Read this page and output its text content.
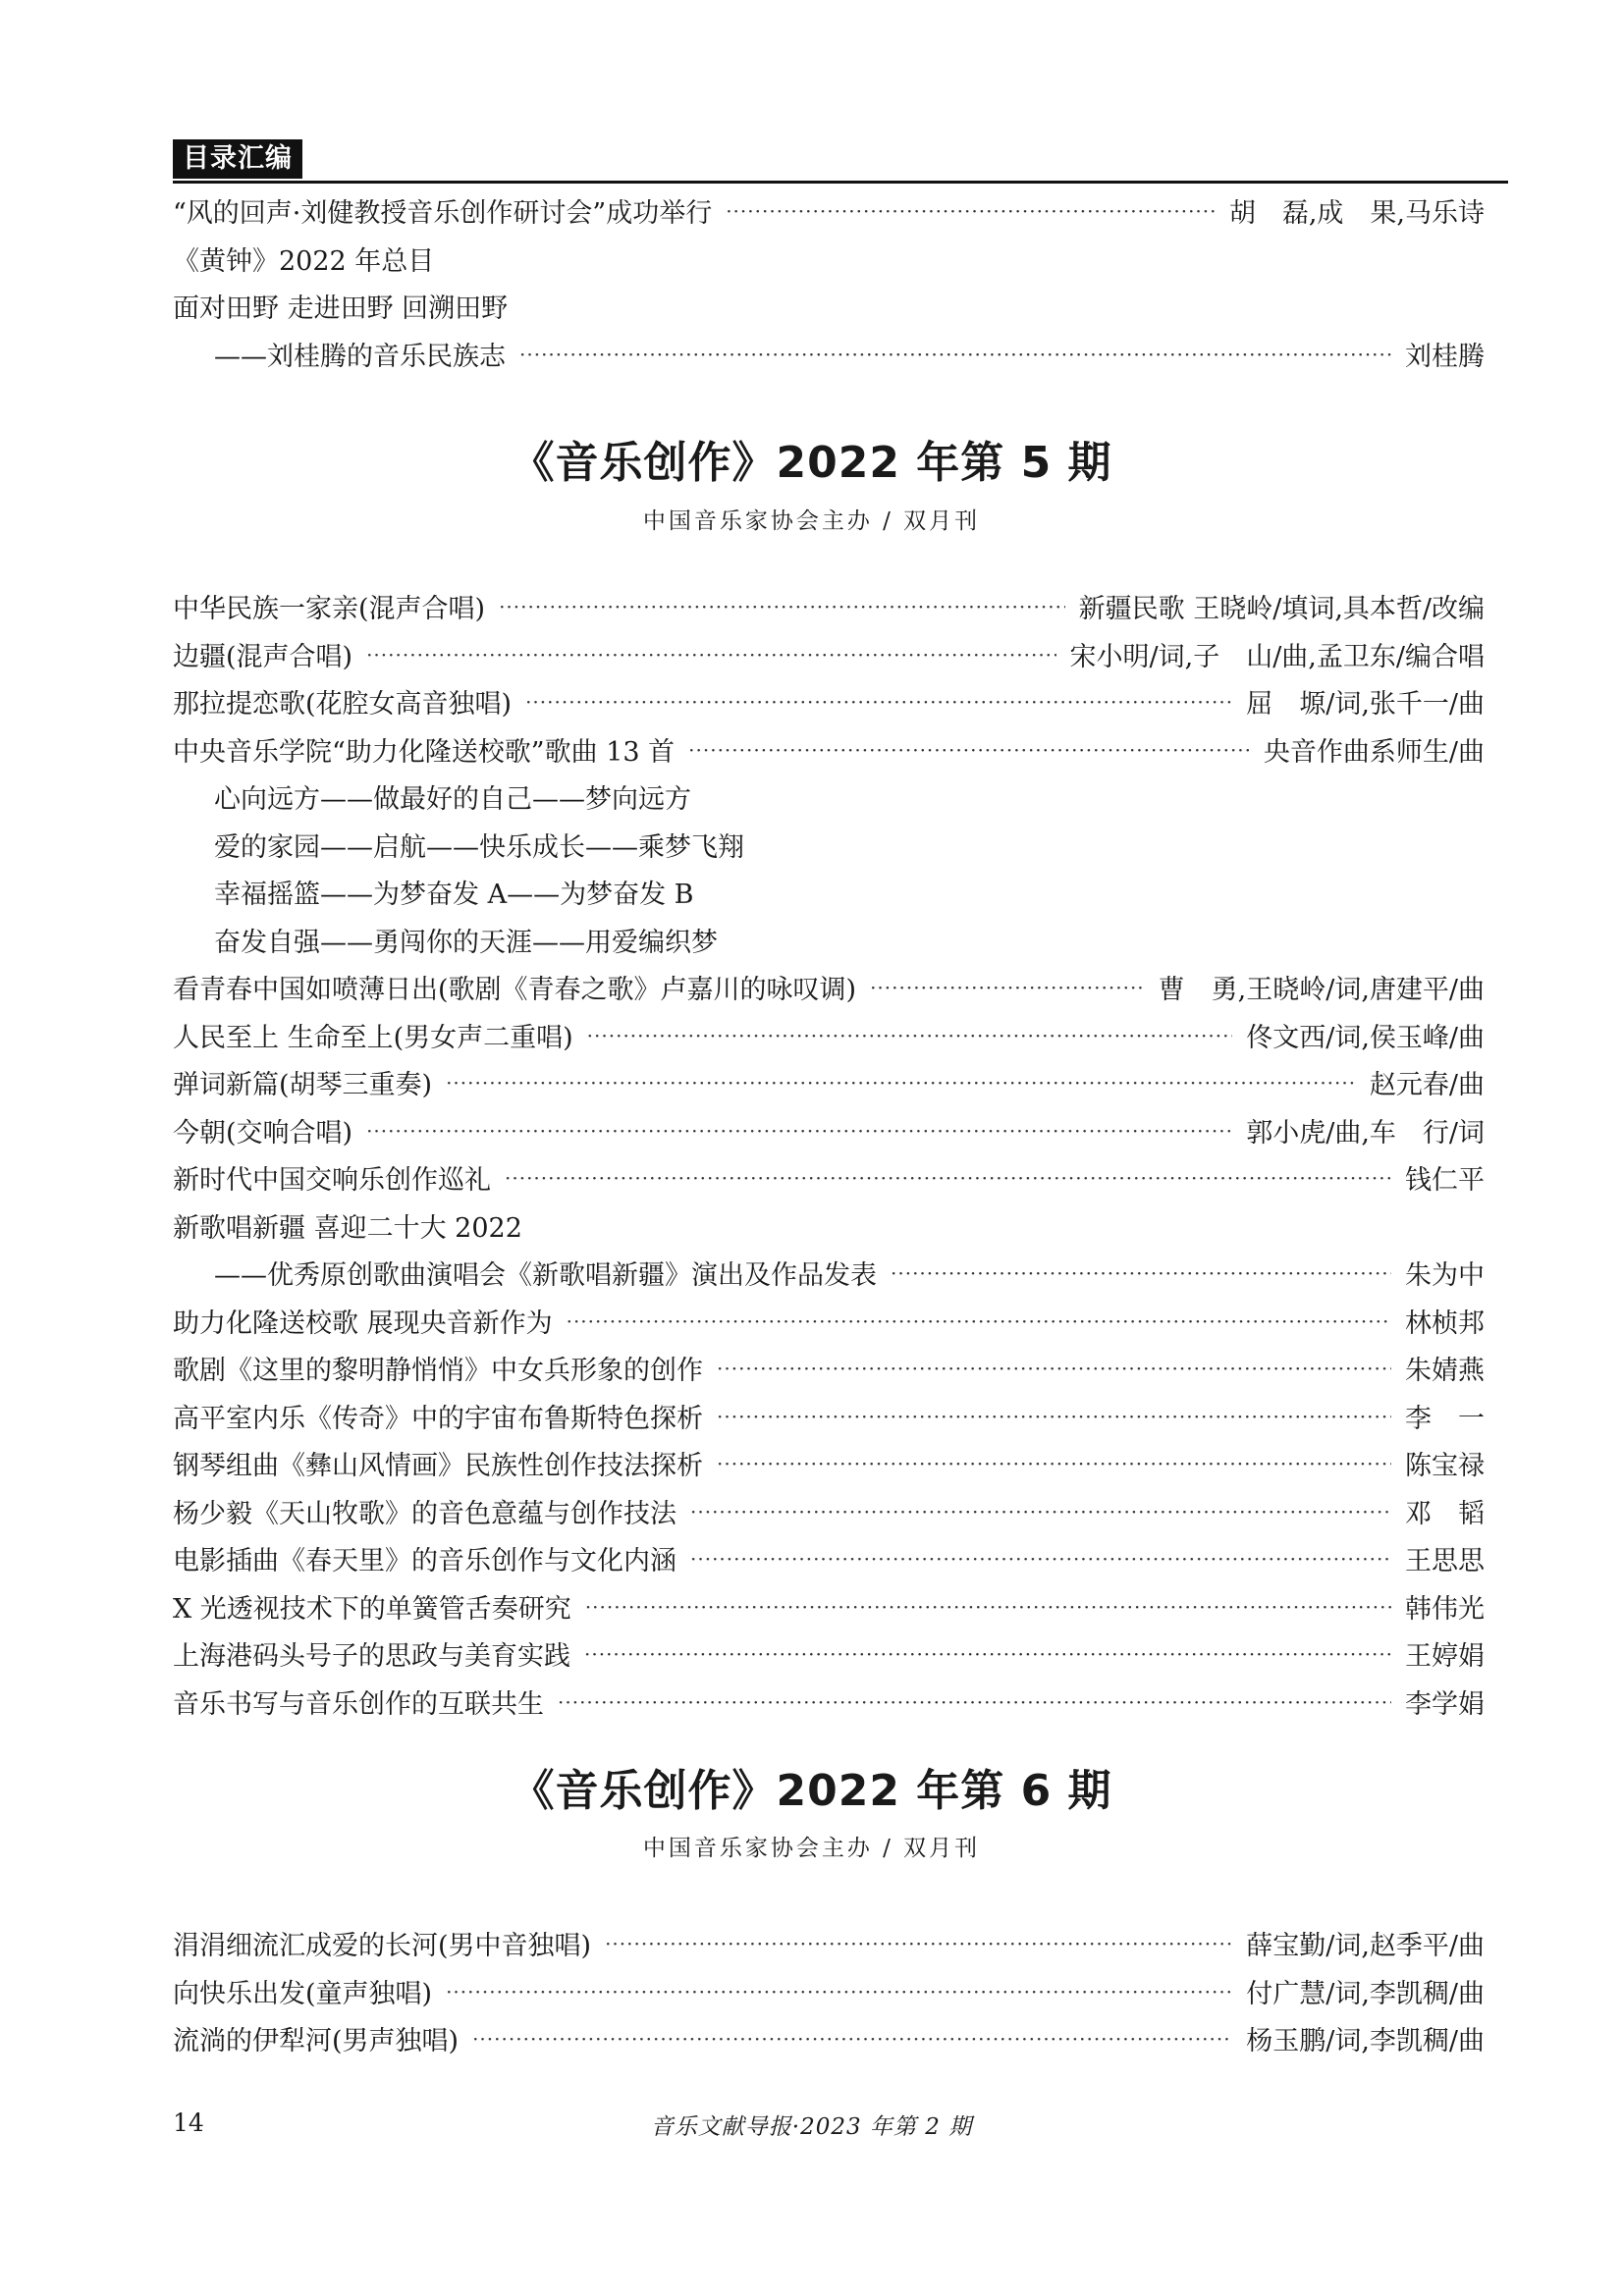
目录汇编
“风的回声·刘健教授音乐创作研讨会”成功举行 ·····	胡　磊,成　果,马乐诗
《黄钟》2022 年总目
面对田野 走进田野 回溯田野
——刘桂腾的音乐民族志 ·····	刘桂腾
《音乐创作》2022 年第 5 期
中国音乐家协会主办 / 双月刊
中华民族一家亲(混声合唱) ·····	新疆民歌 王晓岭/填词,具本哲/改编
边疆(混声合唱) ·····	宋小明/词,子　山/曲,孟卫东/编合唱
那拉提恋歌(花腔女高音独唱) ·····	屈　塬/词,张千一/曲
中央音乐学院“助力化隆送校歌”歌曲 13 首 ·····	央音作曲系师生/曲
心向远方——做最好的自己——梦向远方
爱的家园——启航——快乐成长——乘梦飞翔
幸福摇篮——为梦奋发 A——为梦奋发 B
奋发自强——勇闯你的天涯——用爱编织梦
看青春中国如喷薄日出(歌剧《青春之歌》卢嘉川的咏叹调) ·····	曹　勇,王晓岭/词,唐建平/曲
人民至上 生命至上(男女声二重唱) ·····	佟文西/词,侯玉峰/曲
弹词新篇(胡琴三重奏) ·····	赵元春/曲
今朝(交响合唱) ·····	郭小虎/曲,车　行/词
新时代中国交响乐创作巡礼 ·····	钱仁平
新歌唱新疆 喜迎二十大 2022
——优秀原创歌曲演唱会《新歌唱新疆》演出及作品发表 ·····	朱为中
助力化隆送校歌 展现央音新作为 ·····	林桢邦
歌剧《这里的黎明静悄悄》中女兵形象的创作 ·····	朱婧燕
高平室内乐《传奇》中的宇宙布鲁斯特色探析 ·····	李　一
钢琴组曲《彝山风情画》民族性创作技法探析 ·····	陈宝禄
杨少毅《天山牧歌》的音色意蕴与创作技法 ·····	邓　韬
电影插曲《春天里》的音乐创作与文化内涵 ·····	王思思
X 光透视技术下的单簧管舌奏研究 ·····	韩伟光
上海港码头号子的思政与美育实践 ·····	王婷娟
音乐书写与音乐创作的互联共生 ·····	李学娟
《音乐创作》2022 年第 6 期
中国音乐家协会主办 / 双月刊
涓涓细流汇成爱的长河(男中音独唱) ·····	薛宝勤/词,赵季平/曲
向快乐出发(童声独唱) ·····	付广慧/词,李凯稠/曲
流淌的伊犁河(男声独唱) ·····	杨玉鹏/词,李凯稠/曲
14	音乐文献导报·2023 年第 2 期
